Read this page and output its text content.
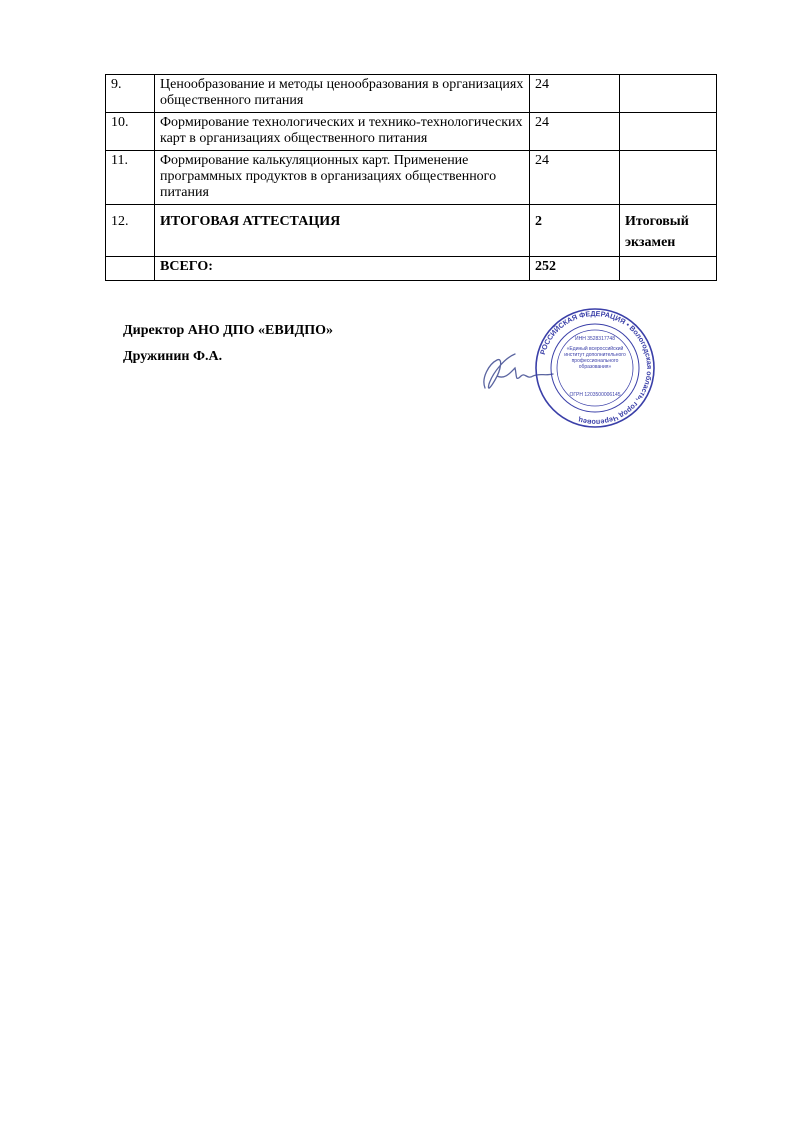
9.	Ценообразование и методы ценообразования в организациях общественного питания	24	
10.	Формирование технологических и технико-технологических карт в организациях общественного питания	24	
11.	Формирование калькуляционных карт. Применение программных продуктов в организациях общественного питания	24	
12.	ИТОГОВАЯ АТТЕСТАЦИЯ	2	Итоговый экзамен
	ВСЕГО:	252	
Директор АНО ДПО «ЕВИДПО»
Дружинин Ф.А.	РОССИЙСКАЯ ФЕДЕРАЦИЯ • Вологодская область, город Череповец
ИНН 3528317748
«Единый всероссийский институт дополнительного профессионального образования»
ОГРН 1203500006145
